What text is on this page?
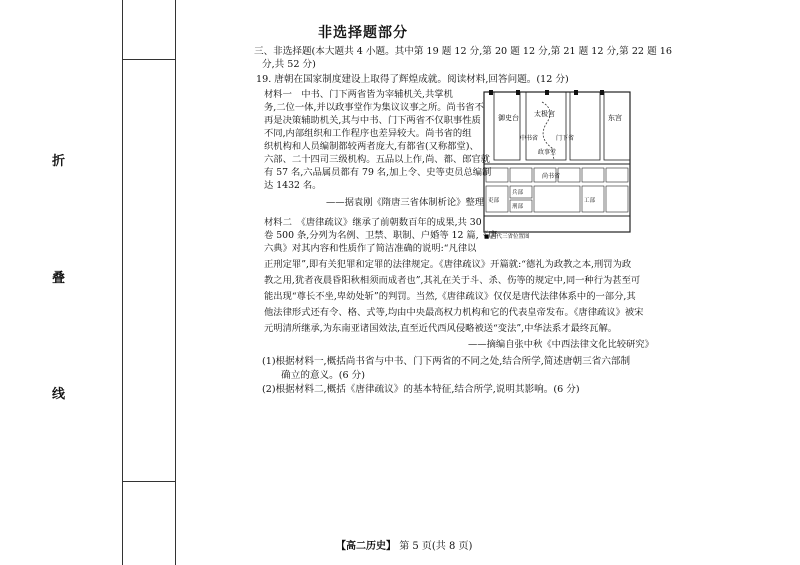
折
叠
线
非选择题部分
三、非选择题(本大题共 4 小题。其中第 19 题 12 分,第 20 题 12 分,第 21 题 12 分,第 22 题 16
分,共 52 分)
19. 唐朝在国家制度建设上取得了辉煌成就。阅读材料,回答问题。(12 分)
材料一　中书、门下两省皆为宰辅机关,共掌机
务,二位一体,并以政事堂作为集议议事之所。尚书省不
再是决策辅助机关,其与中书、门下两省不仅职事性质
不同,内部组织和工作程序也差异较大。尚书省的组
织机构和人员编制都较两者庞大,有都省(又称都堂)、
六部、二十四司三级机构。五品以上作,尚、都、郎官就
有 57 名,六品属员都有 79 名,加上令、史等吏员总编制
达 1432 名。
——据袁刚《隋唐三省体制析论》整理
御史台
中书省
太极宫
门下省
东宫
政事堂
尚书省
吏部
兵部
刑部
工部
■ 唐代三省位置图
材料二　《唐律疏议》继承了前朝数百年的成果,共 30
卷 500 条,分列为名例、卫禁、职制、户婚等 12 篇,《唐
六典》对其内容和性质作了简洁准确的说明:“凡律以
正刑定罪”,即有关犯罪和定罪的法律规定。《唐律疏议》开篇就:“德礼为政教之本,刑罚为政
教之用,犹者夜晨昏阳秋相须而成者也”,其礼在关于斗、杀、伤等的规定中,同一种行为甚至可
能出现“尊长不坐,卑幼处斩”的判罚。当然,《唐律疏议》仅仅是唐代法律体系中的一部分,其
他法律形式还有令、格、式等,均由中央最高权力机构和它的代表皇帝发布。《唐律疏议》被宋
元明清所继承,为东南亚诸国效法,直至近代西风侵略被送“变法”,中华法系才最终瓦解。
——摘编自张中秋《中西法律文化比较研究》
(1)根据材料一,概括尚书省与中书、门下两省的不同之处,结合所学,简述唐朝三省六部制
　　确立的意义。(6 分)
(2)根据材料二,概括《唐律疏议》的基本特征,结合所学,说明其影响。(6 分)
【高二历史】 第 5 页(共 8 页)
